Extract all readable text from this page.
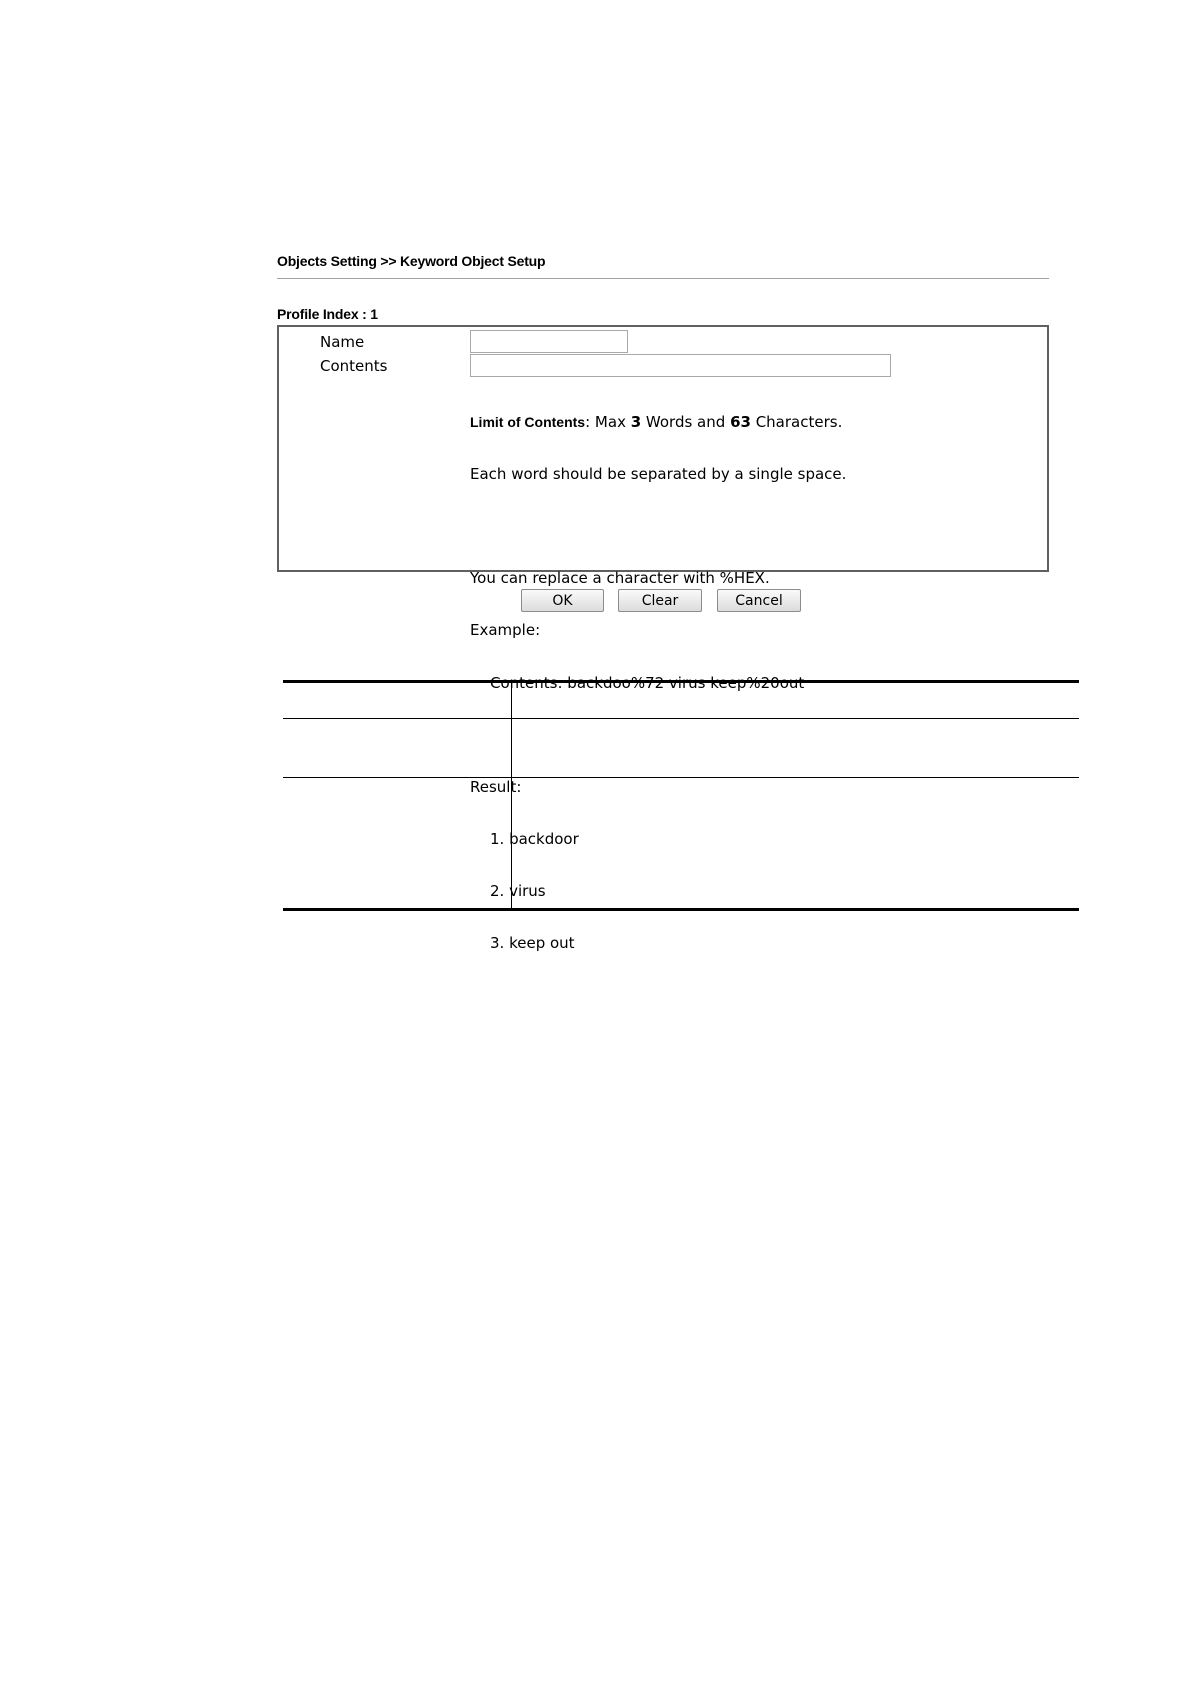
Objects Setting >> Keyword Object Setup
Profile Index : 1
Name
Contents

Limit of Contents: Max 3 Words and 63 Characters.

Each word should be separated by a single space.

You can replace a character with %HEX.

Example:

Contents: backdoo%72 virus keep%20out

Result:

1. backdoor

2. virus

3. keep out

OK	Clear	Cancel
